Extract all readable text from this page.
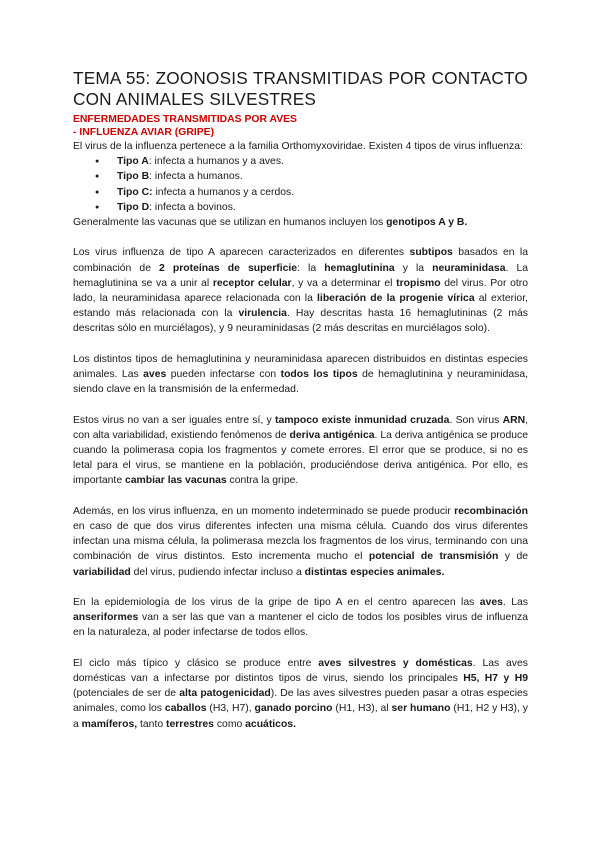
TEMA 55: ZOONOSIS TRANSMITIDAS POR CONTACTO CON ANIMALES SILVESTRES
ENFERMEDADES TRANSMITIDAS POR AVES
- INFLUENZA AVIAR (GRIPE)

El virus de la influenza pertenece a la familia Orthomyxoviridae. Existen 4 tipos de virus influenza:

● Tipo A: infecta a humanos y a aves.
● Tipo B: infecta a humanos.
● Tipo C: infecta a humanos y a cerdos.
● Tipo D: infecta a bovinos.

Generalmente las vacunas que se utilizan en humanos incluyen los genotipos A y B.

Los virus influenza de tipo A aparecen caracterizados en diferentes subtipos basados en la combinación de 2 proteínas de superficie: la hemaglutinina y la neuraminidasa. La hemaglutinina se va a unir al receptor celular, y va a determinar el tropismo del virus. Por otro lado, la neuraminidasa aparece relacionada con la liberación de la progenie vírica al exterior, estando más relacionada con la virulencia. Hay descritas hasta 16 hemaglutininas (2 más descritas sólo en murciélagos), y 9 neuraminidasas (2 más descritas en murciélagos solo).

Los distintos tipos de hemaglutinina y neuraminidasa aparecen distribuidos en distintas especies animales. Las aves pueden infectarse con todos los tipos de hemaglutinina y neuraminidasa, siendo clave en la transmisión de la enfermedad.

Estos virus no van a ser iguales entre sí, y tampoco existe inmunidad cruzada. Son virus ARN, con alta variabilidad, existiendo fenómenos de deriva antigénica. La deriva antigénica se produce cuando la polimerasa copia los fragmentos y comete errores. El error que se produce, si no es letal para el virus, se mantiene en la población, produciéndose deriva antigénica. Por ello, es importante cambiar las vacunas contra la gripe.

Además, en los virus influenza, en un momento indeterminado se puede producir recombinación en caso de que dos virus diferentes infecten una misma célula. Cuando dos virus diferentes infectan una misma célula, la polimerasa mezcla los fragmentos de los virus, terminando con una combinación de virus distintos. Esto incrementa mucho el potencial de transmisión y de variabilidad del virus, pudiendo infectar incluso a distintas especies animales.

En la epidemiología de los virus de la gripe de tipo A en el centro aparecen las aves. Las anseriformes van a ser las que van a mantener el ciclo de todos los posibles virus de influenza en la naturaleza, al poder infectarse de todos ellos.

El ciclo más típico y clásico se produce entre aves silvestres y domésticas. Las aves domésticas van a infectarse por distintos tipos de virus, siendo los principales H5, H7 y H9 (potenciales de ser de alta patogenicidad). De las aves silvestres pueden pasar a otras especies animales, como los caballos (H3, H7), ganado porcino (H1, H3), al ser humano (H1, H2 y H3), y a mamíferos, tanto terrestres como acuáticos.
